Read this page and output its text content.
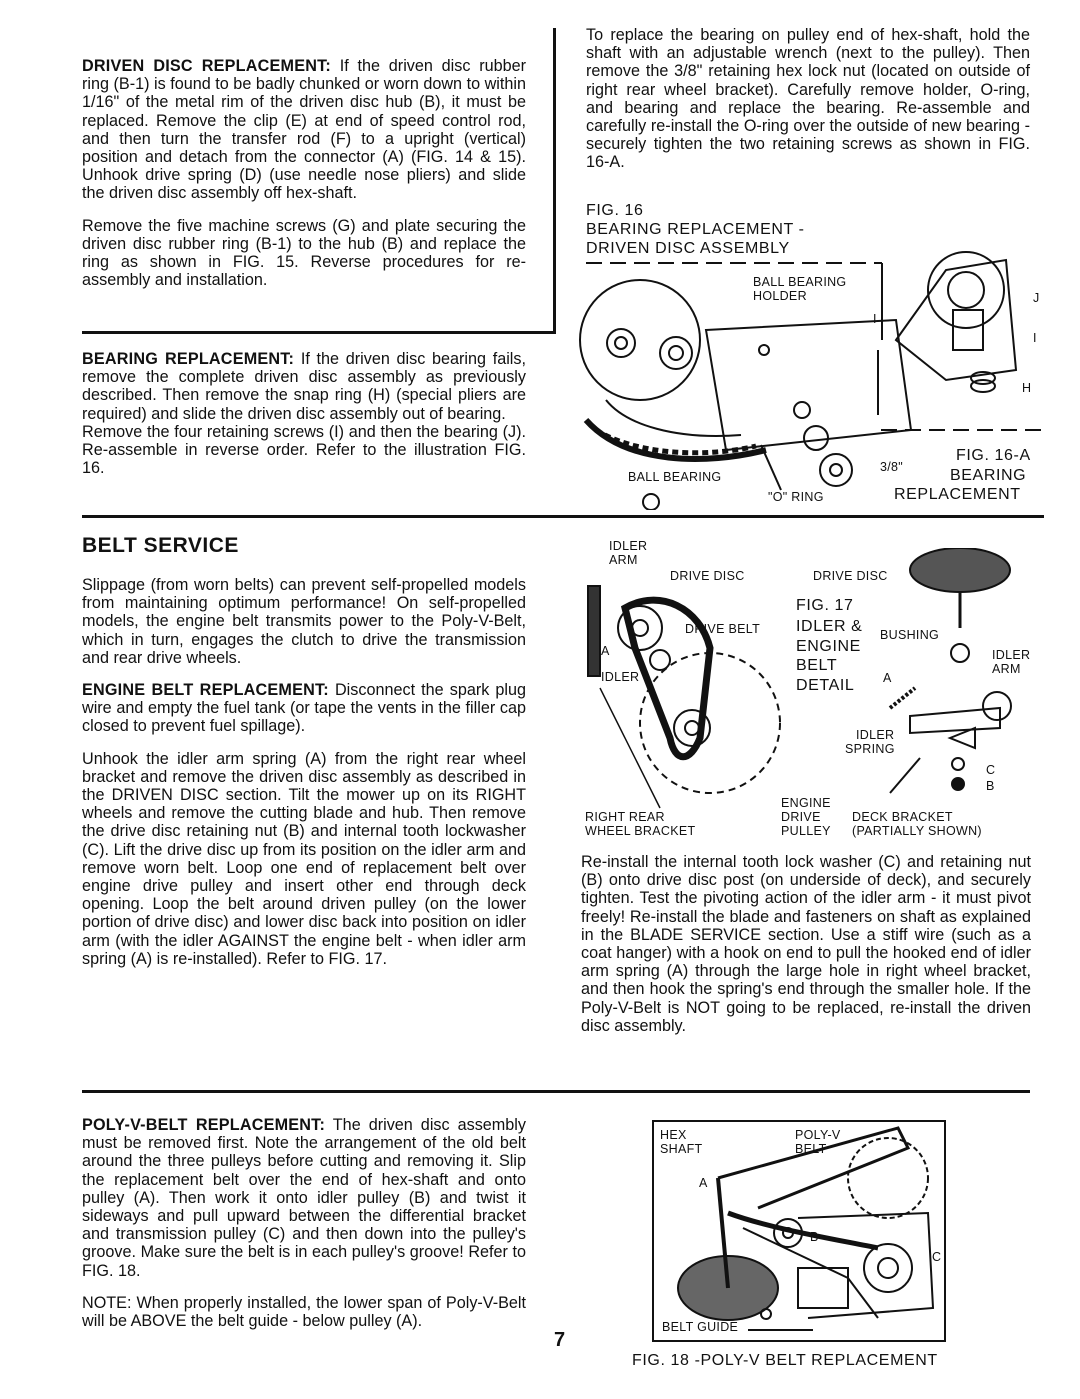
DRIVEN DISC REPLACEMENT: If the driven disc rubber ring (B-1) is found to be badly chunked or worn down to within 1/16" of the metal rim of the driven disc hub (B), it must be replaced. Remove the clip (E) at end of speed control rod, and then turn the transfer rod (F) to a upright (vertical) position and detach from the connector (A) (FIG. 14 & 15). Unhook drive spring (D) (use needle nose pliers) and slide the driven disc assembly off hex-shaft.

Remove the five machine screws (G) and plate securing the driven disc rubber ring (B-1) to the hub (B) and replace the ring as shown in FIG. 15. Reverse procedures for re-assembly and installation.

BEARING REPLACEMENT: If the driven disc bearing fails, remove the complete driven disc assembly as previously described. Then remove the snap ring (H) (special pliers are required) and slide the driven disc assembly out of bearing.

Remove the four retaining screws (I) and then the bearing (J). Re-assemble in reverse order. Refer to the illustration FIG. 16.

BELT SERVICE

Slippage (from worn belts) can prevent self-propelled models from maintaining optimum performance! On self-propelled models, the engine belt transmits power to the Poly-V-Belt, which in turn, engages the clutch to drive the transmission and rear drive wheels.

ENGINE BELT REPLACEMENT: Disconnect the spark plug wire and empty the fuel tank (or tape the vents in the filler cap closed to prevent fuel spillage).

Unhook the idler arm spring (A) from the right rear wheel bracket and remove the driven disc assembly as described in the DRIVEN DISC section. Tilt the mower up on its RIGHT wheels and remove the cutting blade and hub. Then remove the drive disc retaining nut (B) and internal tooth lockwasher (C). Lift the drive disc up from its position on the idler arm and remove worn belt. Loop one end of replacement belt over engine drive pulley and insert other end through deck opening. Loop the belt around driven pulley (on the lower portion of drive disc) and lower disc back into position on idler arm (with the idler AGAINST the engine belt - when idler arm spring (A) is re-installed). Refer to FIG. 17.

POLY-V-BELT REPLACEMENT: The driven disc assembly must be removed first. Note the arrangement of the old belt around the three pulleys before cutting and removing it. Slip the replacement belt over the end of hex-shaft and onto pulley (A). Then work it onto idler pulley (B) and twist it sideways and pull upward between the differential bracket and transmission pulley (C) and then down into the pulley's groove. Make sure the belt is in each pulley's groove! Refer to FIG. 18.

NOTE: When properly installed, the lower span of Poly-V-Belt will be ABOVE the belt guide - below pulley (A).

To replace the bearing on pulley end of hex-shaft, hold the shaft with an adjustable wrench (next to the pulley). Then remove the 3/8" retaining hex lock nut (located on outside of right rear wheel bracket). Carefully remove holder, O-ring, and bearing and replace the bearing. Re-assemble and carefully re-install the O-ring over the outside of new bearing -securely tighten the two retaining screws as shown in FIG. 16-A.

FIG. 16
BEARING REPLACEMENT -
DRIVEN DISC ASSEMBLY
BALL BEARING
HOLDER	J
I
I
H
BALL BEARING
3/8"
"O" RING
FIG. 16-A
BEARING
REPLACEMENT
IDLER
ARM
DRIVE DISC	DRIVE DISC
DRIVE BELT
A
IDLER
FIG. 17
IDLER &
ENGINE
BELT
DETAIL
BUSHING
IDLER
ARM
A
IDLER
SPRING
C
B
RIGHT REAR
WHEEL BRACKET
ENGINE
DRIVE
PULLEY
DECK BRACKET
(PARTIALLY SHOWN)

Re-install the internal tooth lock washer (C) and retaining nut (B) onto drive disc post (on underside of deck), and securely tighten. Test the pivoting action of the idler arm - it must pivot freely! Re-install the blade and fasteners on shaft as explained in the BLADE SERVICE section. Use a stiff wire (such as a coat hanger) with a hook on end to pull the hooked end of idler arm spring (A) through the large hole in right wheel bracket, and then hook the spring's end through the smaller hole. If the Poly-V-Belt is NOT going to be replaced, re-install the driven disc assembly.

HEX
SHAFT
POLY-V
BELT
A
B
C
BELT GUIDE
FIG. 18 -POLY-V BELT REPLACEMENT
7
